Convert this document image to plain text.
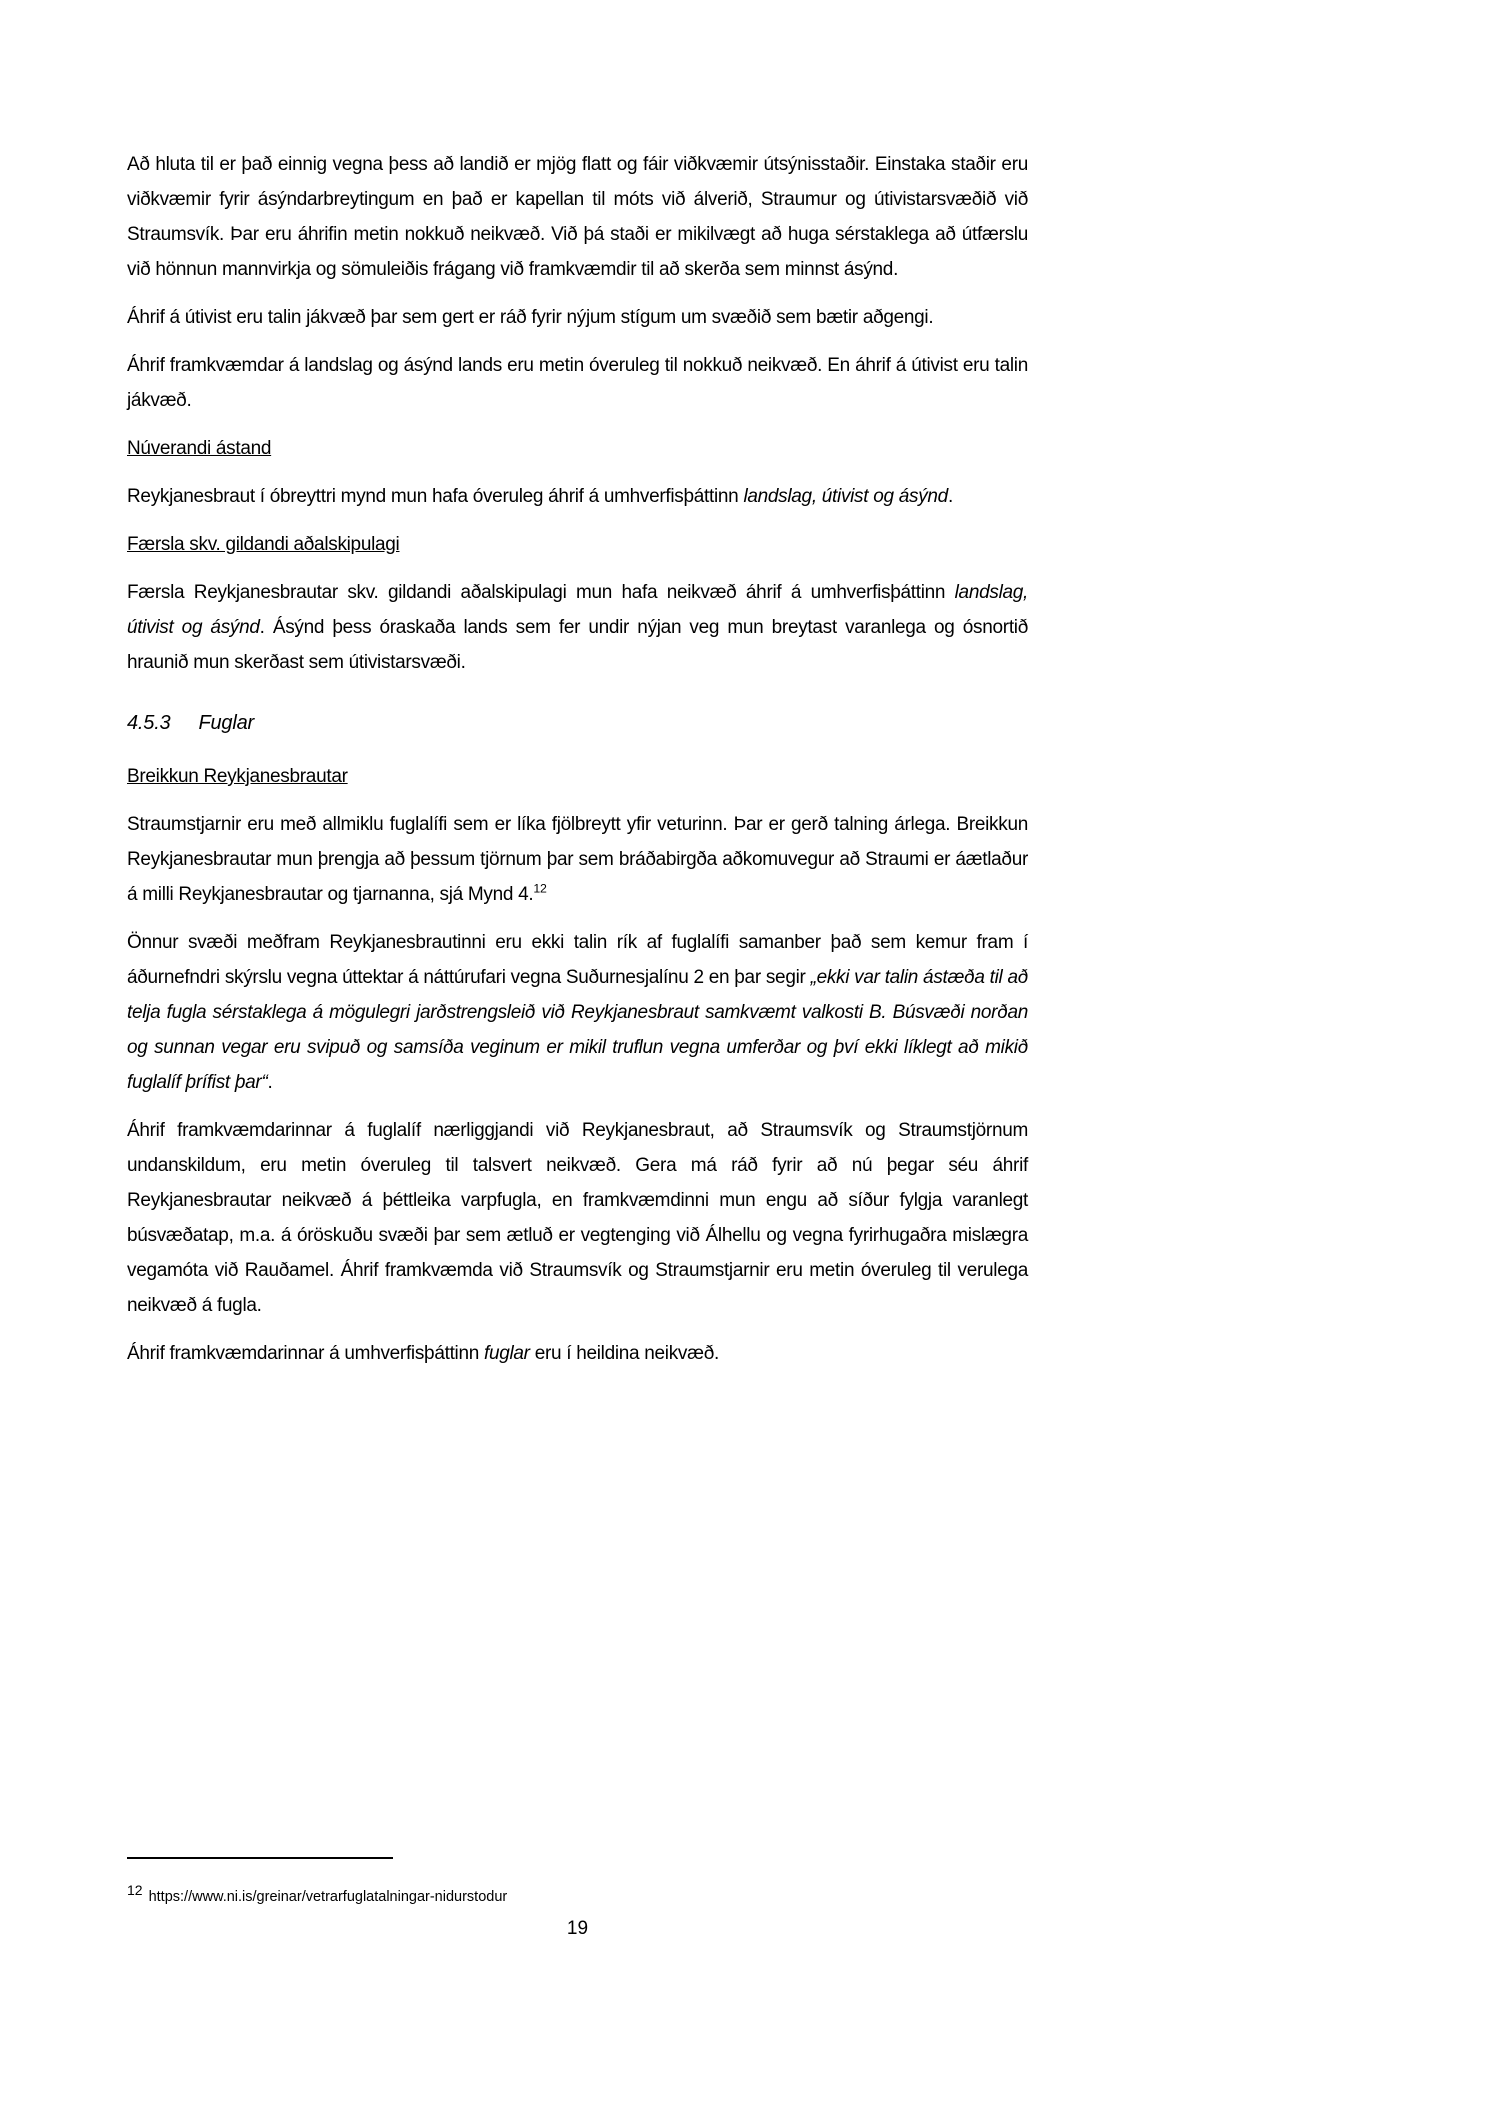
Að hluta til er það einnig vegna þess að landið er mjög flatt og fáir viðkvæmir útsýnisstaðir. Einstaka staðir eru viðkvæmir fyrir ásýndarbreytingum en það er kapellan til móts við álverið, Straumur og útivistarsvæðið við Straumsvík. Þar eru áhrifin metin nokkuð neikvæð. Við þá staði er mikilvægt að huga sérstaklega að útfærslu við hönnun mannvirkja og sömuleiðis frágang við framkvæmdir til að skerða sem minnst ásýnd.

Áhrif á útivist eru talin jákvæð þar sem gert er ráð fyrir nýjum stígum um svæðið sem bætir aðgengi.

Áhrif framkvæmdar á landslag og ásýnd lands eru metin óveruleg til nokkuð neikvæð. En áhrif á útivist eru talin jákvæð.

Núverandi ástand

Reykjanesbraut í óbreyttri mynd mun hafa óveruleg áhrif á umhverfisþáttinn landslag, útivist og ásýnd.

Færsla skv. gildandi aðalskipulagi

Færsla Reykjanesbrautar skv. gildandi aðalskipulagi mun hafa neikvæð áhrif á umhverfisþáttinn landslag, útivist og ásýnd. Ásýnd þess óraskaða lands sem fer undir nýjan veg mun breytast varanlega og ósnortið hraunið mun skerðast sem útivistarsvæði.

4.5.3 Fuglar
Breikkun Reykjanesbrautar

Straumstjarnir eru með allmiklu fuglalífi sem er líka fjölbreytt yfir veturinn. Þar er gerð talning árlega. Breikkun Reykjanesbrautar mun þrengja að þessum tjörnum þar sem bráðabirgða aðkomuvegur að Straumi er áætlaður á milli Reykjanesbrautar og tjarnanna, sjá Mynd 4.12

Önnur svæði meðfram Reykjanesbrautinni eru ekki talin rík af fuglalífi samanber það sem kemur fram í áðurnefndri skýrslu vegna úttektar á náttúrufari vegna Suðurnesjalínu 2 en þar segir „ekki var talin ástæða til að telja fugla sérstaklega á mögulegri jarðstrengsleið við Reykjanesbraut samkvæmt valkosti B. Búsvæði norðan og sunnan vegar eru svipuð og samsíða veginum er mikil truflun vegna umferðar og því ekki líklegt að mikið fuglalíf þrífist þar“.

Áhrif framkvæmdarinnar á fuglalíf nærliggjandi við Reykjanesbraut, að Straumsvík og Straumstjörnum undanskildum, eru metin óveruleg til talsvert neikvæð. Gera má ráð fyrir að nú þegar séu áhrif Reykjanesbrautar neikvæð á þéttleika varpfugla, en framkvæmdinni mun engu að síður fylgja varanlegt búsvæðatap, m.a. á óröskuðu svæði þar sem ætluð er vegtenging við Álhellu og vegna fyrirhugaðra mislægra vegamóta við Rauðamel. Áhrif framkvæmda við Straumsvík og Straumstjarnir eru metin óveruleg til verulega neikvæð á fugla.

Áhrif framkvæmdarinnar á umhverfisþáttinn fuglar eru í heildina neikvæð.

12 https://www.ni.is/greinar/vetrarfuglatalningar-nidurstodur
19
